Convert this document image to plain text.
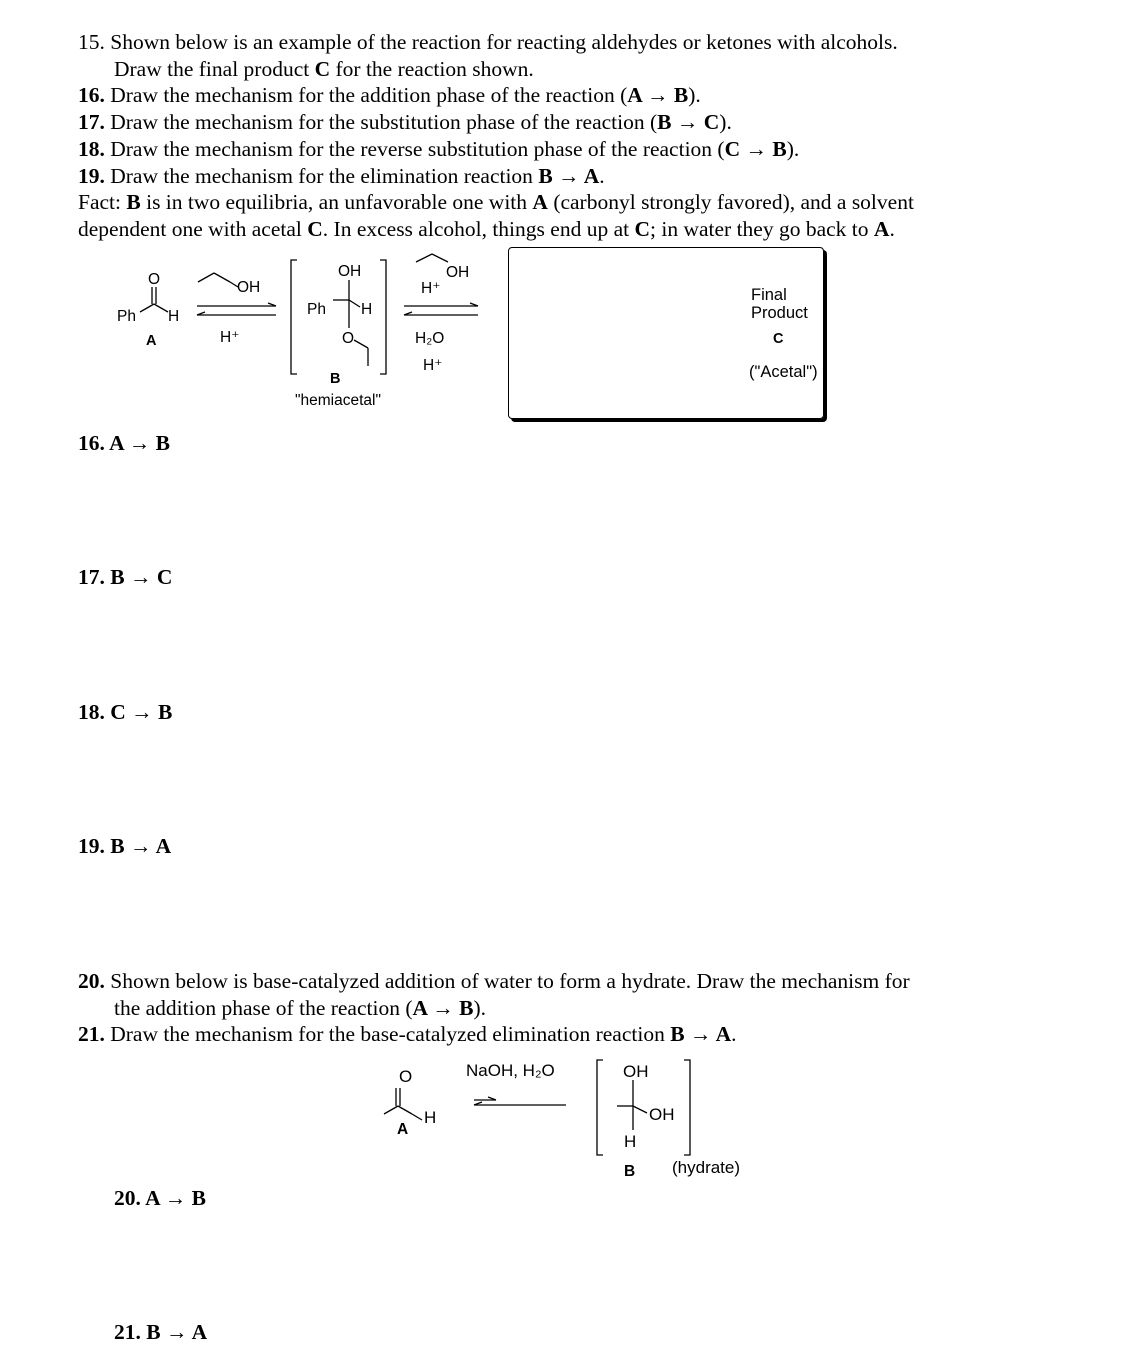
15. Shown below is an example of the reaction for reacting aldehydes or ketones with alcohols.
Draw the final product C for the reaction shown.
16. Draw the mechanism for the addition phase of the reaction (A → B).
17. Draw the mechanism for the substitution phase of the reaction (B → C).
18. Draw the mechanism for the reverse substitution phase of the reaction (C → B).
19. Draw the mechanism for the elimination reaction B → A.
Fact: B is in two equilibria, an unfavorable one with A (carbonyl strongly favored), and a solvent
dependent one with acetal C. In excess alcohol, things end up at C; in water they go back to A.
Ph H
O
A
OH
H⁺
OH
Ph H
O
B
"hemiacetal"
OH
H⁺
H₂O
H⁺
Final
Product
C
("Acetal")
16. A → B
17. B → C
18. C → B
19. B → A
20. Shown below is base-catalyzed addition of water to form a hydrate. Draw the mechanism for
the addition phase of the reaction (A → B).
21. Draw the mechanism for the base-catalyzed elimination reaction B → A.
O
H
A
NaOH, H₂O	OH
OH
H
B (hydrate)
20. A → B
21. B → A
